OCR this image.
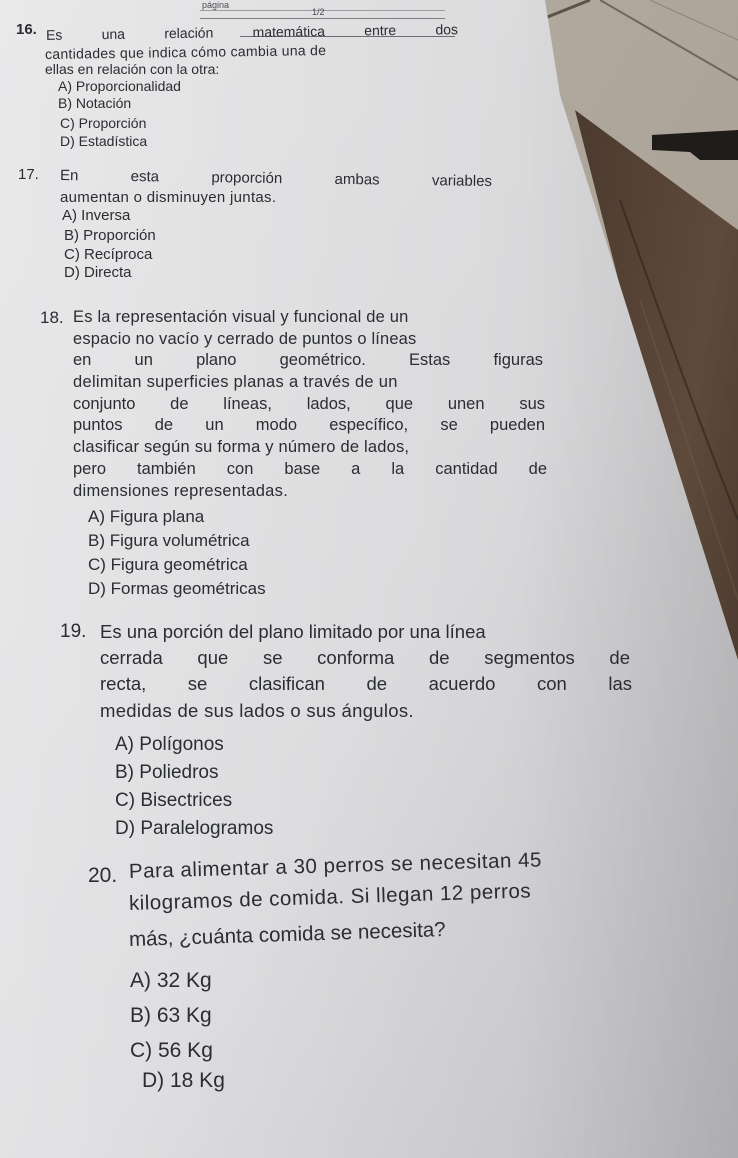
página
1/2
16. Es una relación matemática entre dos
cantidades que indica cómo cambia una de
ellas en relación con la otra:
A) Proporcionalidad
B) Notación
C) Proporción
D) Estadística
17. En esta proporción ambas variables
aumentan o disminuyen juntas.
A) Inversa
B) Proporción
C) Recíproca
D) Directa
18. Es la representación visual y funcional de un
espacio no vacío y cerrado de puntos o líneas
en un plano geométrico. Estas figuras
delimitan superficies planas a través de un
conjunto de líneas, lados, que unen sus
puntos de un modo específico, se pueden
clasificar según su forma y número de lados,
pero también con base a la cantidad de
dimensiones representadas.
A) Figura plana
B) Figura volumétrica
C) Figura geométrica
D) Formas geométricas
19. Es una porción del plano limitado por una línea
cerrada que se conforma de segmentos de
recta, se clasifican de acuerdo con las
medidas de sus lados o sus ángulos.
A) Polígonos
B) Poliedros
C) Bisectrices
D) Paralelogramos
20. Para alimentar a 30 perros se necesitan 45
kilogramos de comida. Si llegan 12 perros
más, ¿cuánta comida se necesita?
A) 32 Kg
B) 63 Kg
C) 56 Kg
D) 18 Kg
